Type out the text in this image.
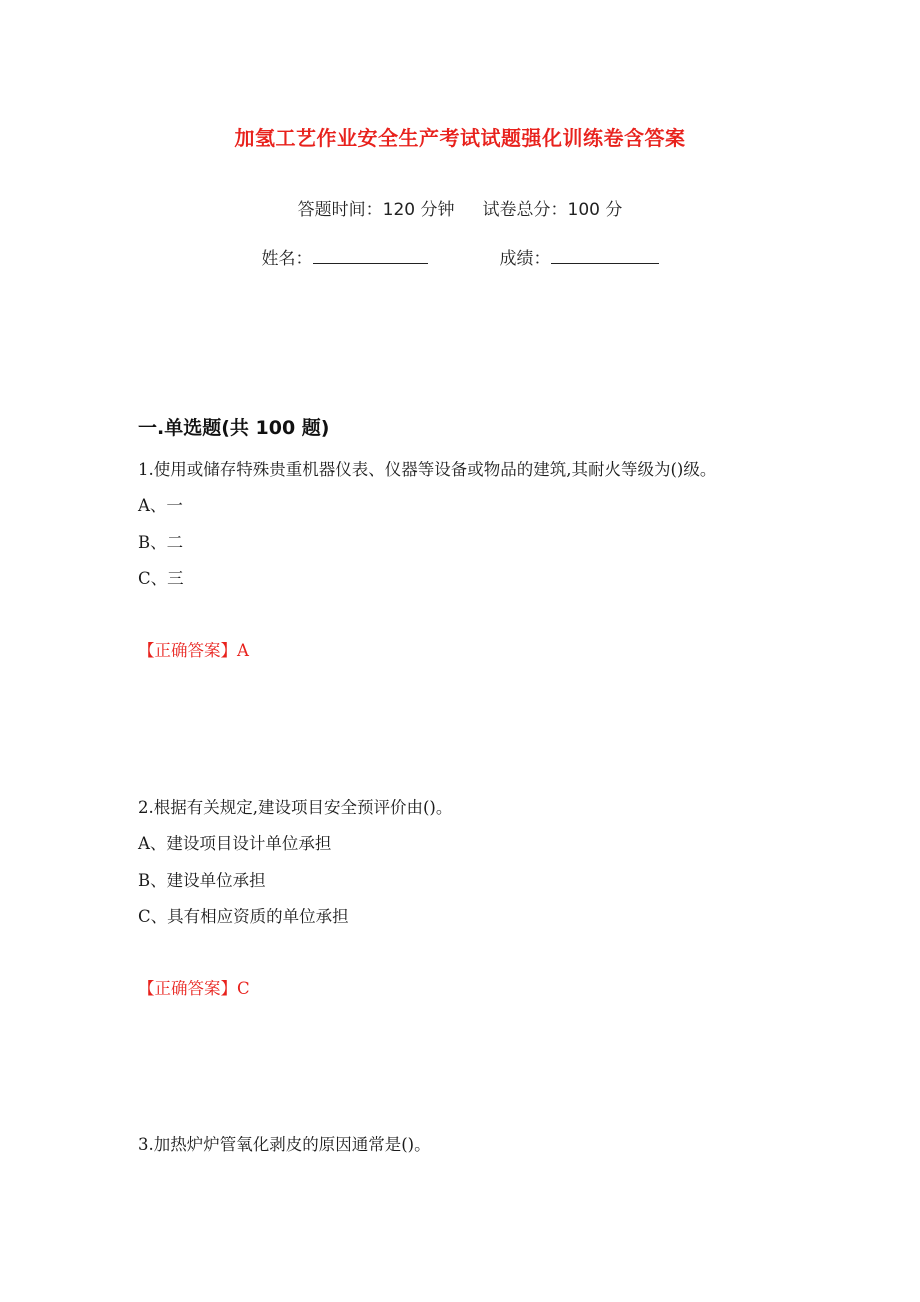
加氢工艺作业安全生产考试试题强化训练卷含答案
答题时间：120 分钟 试卷总分：100 分
姓名：	成绩：
一.单选题(共 100 题)
1.使用或储存特殊贵重机器仪表、仪器等设备或物品的建筑,其耐火等级为()级。
A、一
B、二
C、三
【正确答案】A
2.根据有关规定,建设项目安全预评价由()。
A、建设项目设计单位承担
B、建设单位承担
C、具有相应资质的单位承担
【正确答案】C
3.加热炉炉管氧化剥皮的原因通常是()。
